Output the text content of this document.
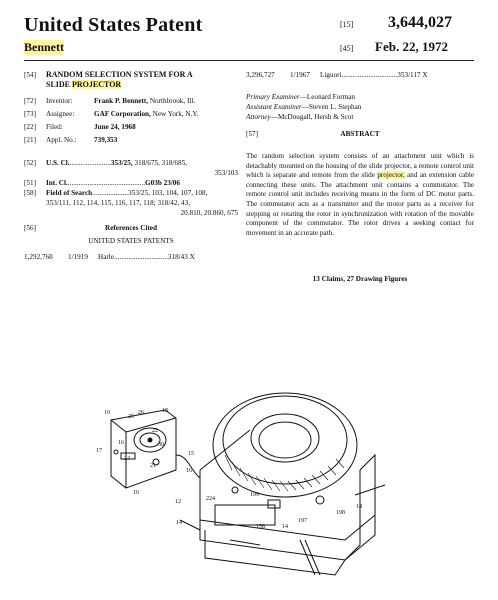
United States Patent
Bennett
[15] 3,644,027
[45] Feb. 22, 1972
[54] RANDOM SELECTION SYSTEM FOR A
SLIDE PROJECTOR
[72] Inventor:	Frank P. Bennett, Northbrook, Ill.
[73] Assignee:	GAF Corporation, New York, N.Y.
[22] Filed:	June 24, 1968
[21] Appl. No.: 739,353
[52] U.S. Cl........................353/25, 318/675, 318/685,
353/103
[51] Int. Cl............................................G03b 23/06
[58] Field of Search....................353/25, 103, 104, 107, 108,
353/111, 112, 114, 115, 116, 117, 118; 318/42, 43,
20.810, 20.860, 675
[56]	References Cited
UNITED STATES PATENTS
1,292,768 1/1919 Harle..............................318/43 X
3,296,727 1/1967 Liguori...............................353/117 X
Primary Examiner—Leonard Forman
Assistant Examiner—Steven L. Stephan
Attorney—McDougall, Hersh & Scot
[57]	ABSTRACT
The random selection system consists of an attachment unit which is detachably mounted on the housing of the slide projector, a remote control unit which is separate and remote from the slide projector, and an extension cable connecting these units. The attachment unit contains a commutator. The remote control unit includes receiving means in the form of DC motor parts. The commutator acts as a transmitter and the motor parts as a receiver for stepping or rotating the rotor in synchronization with rotation of the movable component of the commutator. The rotor drives a seeking contact for movement in an accurate path.
13 Claims, 27 Drawing Figures
10
25
26	18
16
22
24
21
30
17	15
16
16
12	224
199
198
197
14
14
158
14
